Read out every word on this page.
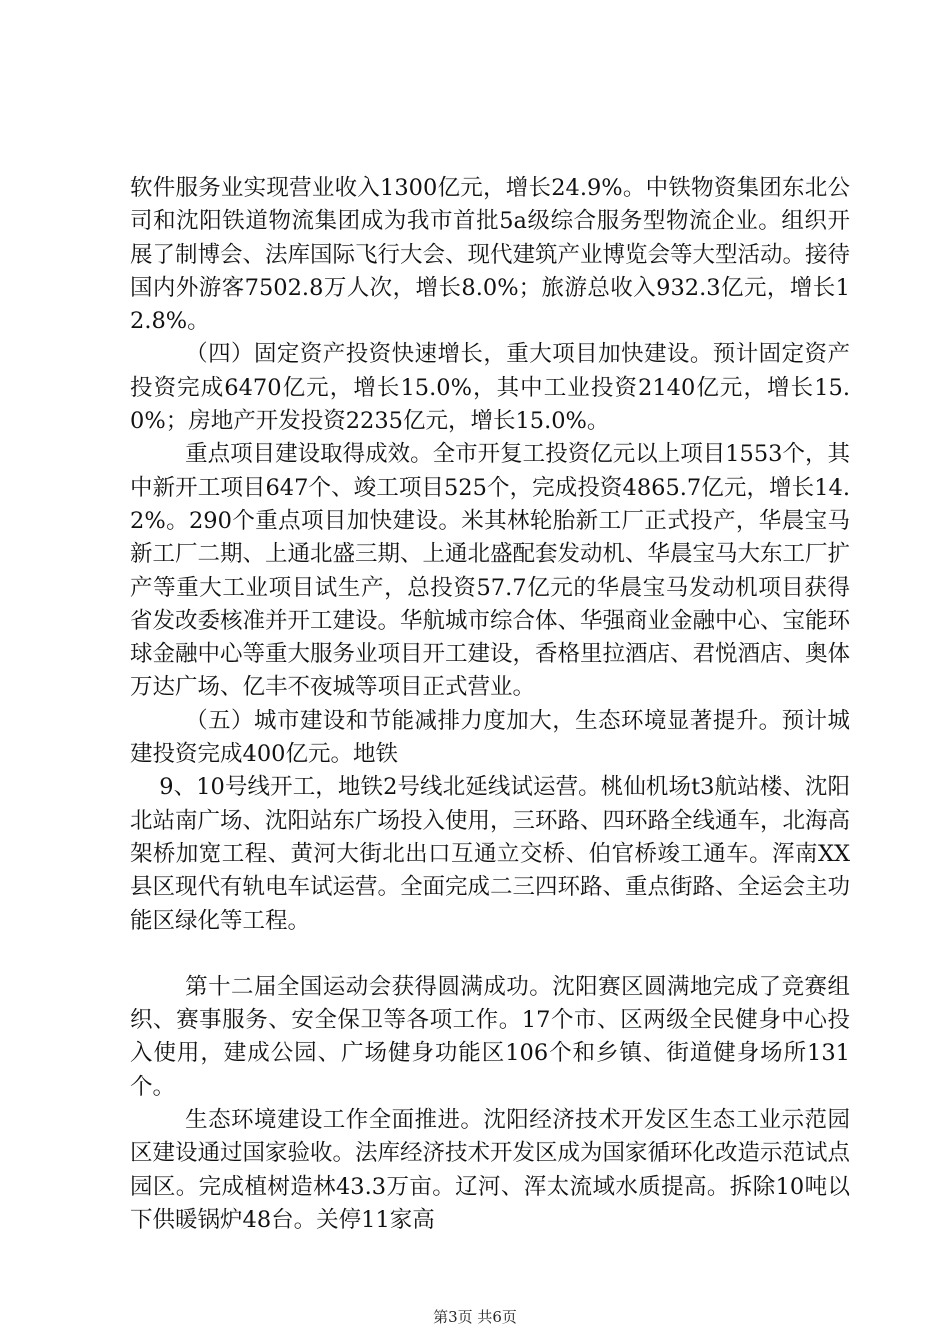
软件服务业实现营业收入1300亿元，增长24.9%。中铁物资集团东北公司和沈阳铁道物流集团成为我市首批5a级综合服务型物流企业。组织开展了制博会、法库国际飞行大会、现代建筑产业博览会等大型活动。接待国内外游客7502.8万人次，增长8.0%；旅游总收入932.3亿元，增长12.8%。

（四）固定资产投资快速增长，重大项目加快建设。预计固定资产投资完成6470亿元，增长15.0%，其中工业投资2140亿元，增长15.0%；房地产开发投资2235亿元，增长15.0%。

重点项目建设取得成效。全市开复工投资亿元以上项目1553个，其中新开工项目647个、竣工项目525个，完成投资4865.7亿元，增长14.2%。290个重点项目加快建设。米其林轮胎新工厂正式投产，华晨宝马新工厂二期、上通北盛三期、上通北盛配套发动机、华晨宝马大东工厂扩产等重大工业项目试生产，总投资57.7亿元的华晨宝马发动机项目获得省发改委核准并开工建设。华航城市综合体、华强商业金融中心、宝能环球金融中心等重大服务业项目开工建设，香格里拉酒店、君悦酒店、奥体万达广场、亿丰不夜城等项目正式营业。

（五）城市建设和节能减排力度加大，生态环境显著提升。预计城建投资完成400亿元。地铁

9、10号线开工，地铁2号线北延线试运营。桃仙机场t3航站楼、沈阳北站南广场、沈阳站东广场投入使用，三环路、四环路全线通车，北海高架桥加宽工程、黄河大街北出口互通立交桥、伯官桥竣工通车。浑南XX县区现代有轨电车试运营。全面完成二三四环路、重点街路、全运会主功能区绿化等工程。

第十二届全国运动会获得圆满成功。沈阳赛区圆满地完成了竞赛组织、赛事服务、安全保卫等各项工作。17个市、区两级全民健身中心投入使用，建成公园、广场健身功能区106个和乡镇、街道健身场所131个。

生态环境建设工作全面推进。沈阳经济技术开发区生态工业示范园区建设通过国家验收。法库经济技术开发区成为国家循环化改造示范试点园区。完成植树造林43.3万亩。辽河、浑太流域水质提高。拆除10吨以下供暖锅炉48台。关停11家高

第3页 共6页
